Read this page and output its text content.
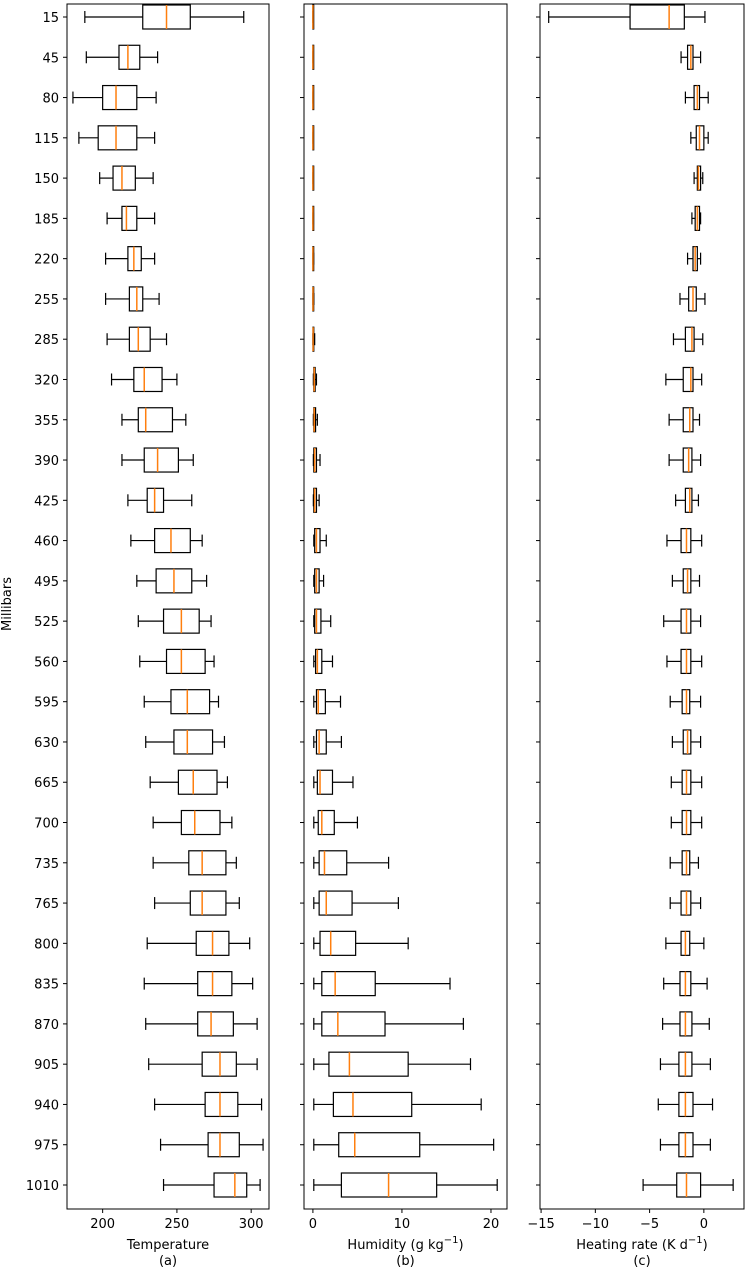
Millibars
15
45
80
115
150
185
220
255
285
320
355
390
425
460
495
525
560
595
630
665
700
735
765
800
835
870
905
940
975
1010
200	250	300
Temperature
(a)
0	10	20
Humidity (g $kg^{-1}$)
(b)
−15 −10 −5	0
Heating rate (K $d^{-1}$)
(c)
